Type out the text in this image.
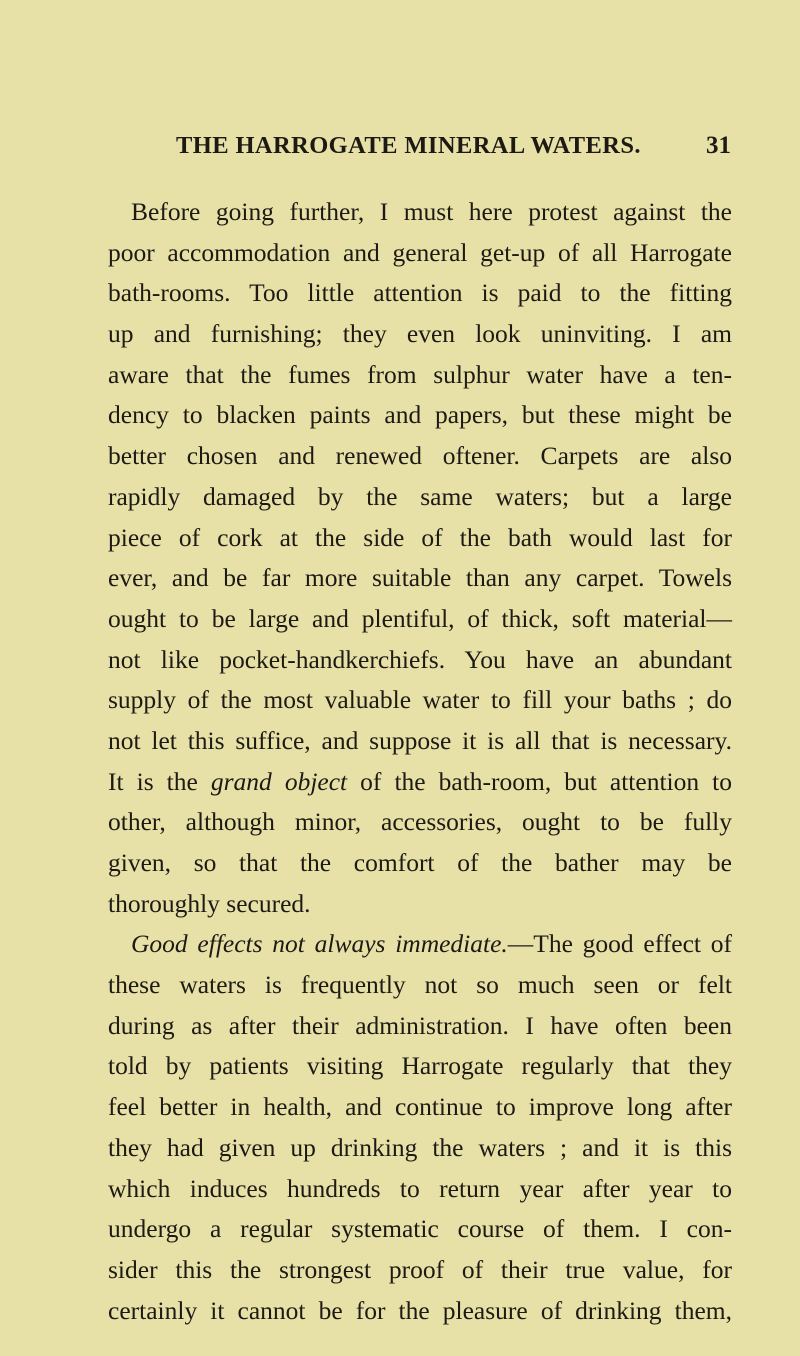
THE HARROGATE MINERAL WATERS.	31
Before going further, I must here protest against the
poor accommodation and general get-up of all Harrogate
bath-rooms. Too little attention is paid to the fitting
up and furnishing; they even look uninviting. I am
aware that the fumes from sulphur water have a ten-
dency to blacken paints and papers, but these might be
better chosen and renewed oftener. Carpets are also
rapidly damaged by the same waters; but a large
piece of cork at the side of the bath would last for
ever, and be far more suitable than any carpet. Towels
ought to be large and plentiful, of thick, soft material—
not like pocket-handkerchiefs. You have an abundant
supply of the most valuable water to fill your baths ; do
not let this suffice, and suppose it is all that is necessary.
It is the grand object of the bath-room, but attention to
other, although minor, accessories, ought to be fully
given, so that the comfort of the bather may be
thoroughly secured.
Good effects not always immediate.—The good effect of
these waters is frequently not so much seen or felt
during as after their administration. I have often been
told by patients visiting Harrogate regularly that they
feel better in health, and continue to improve long after
they had given up drinking the waters ; and it is this
which induces hundreds to return year after year to
undergo a regular systematic course of them. I con-
sider this the strongest proof of their true value, for
certainly it cannot be for the pleasure of drinking them,
